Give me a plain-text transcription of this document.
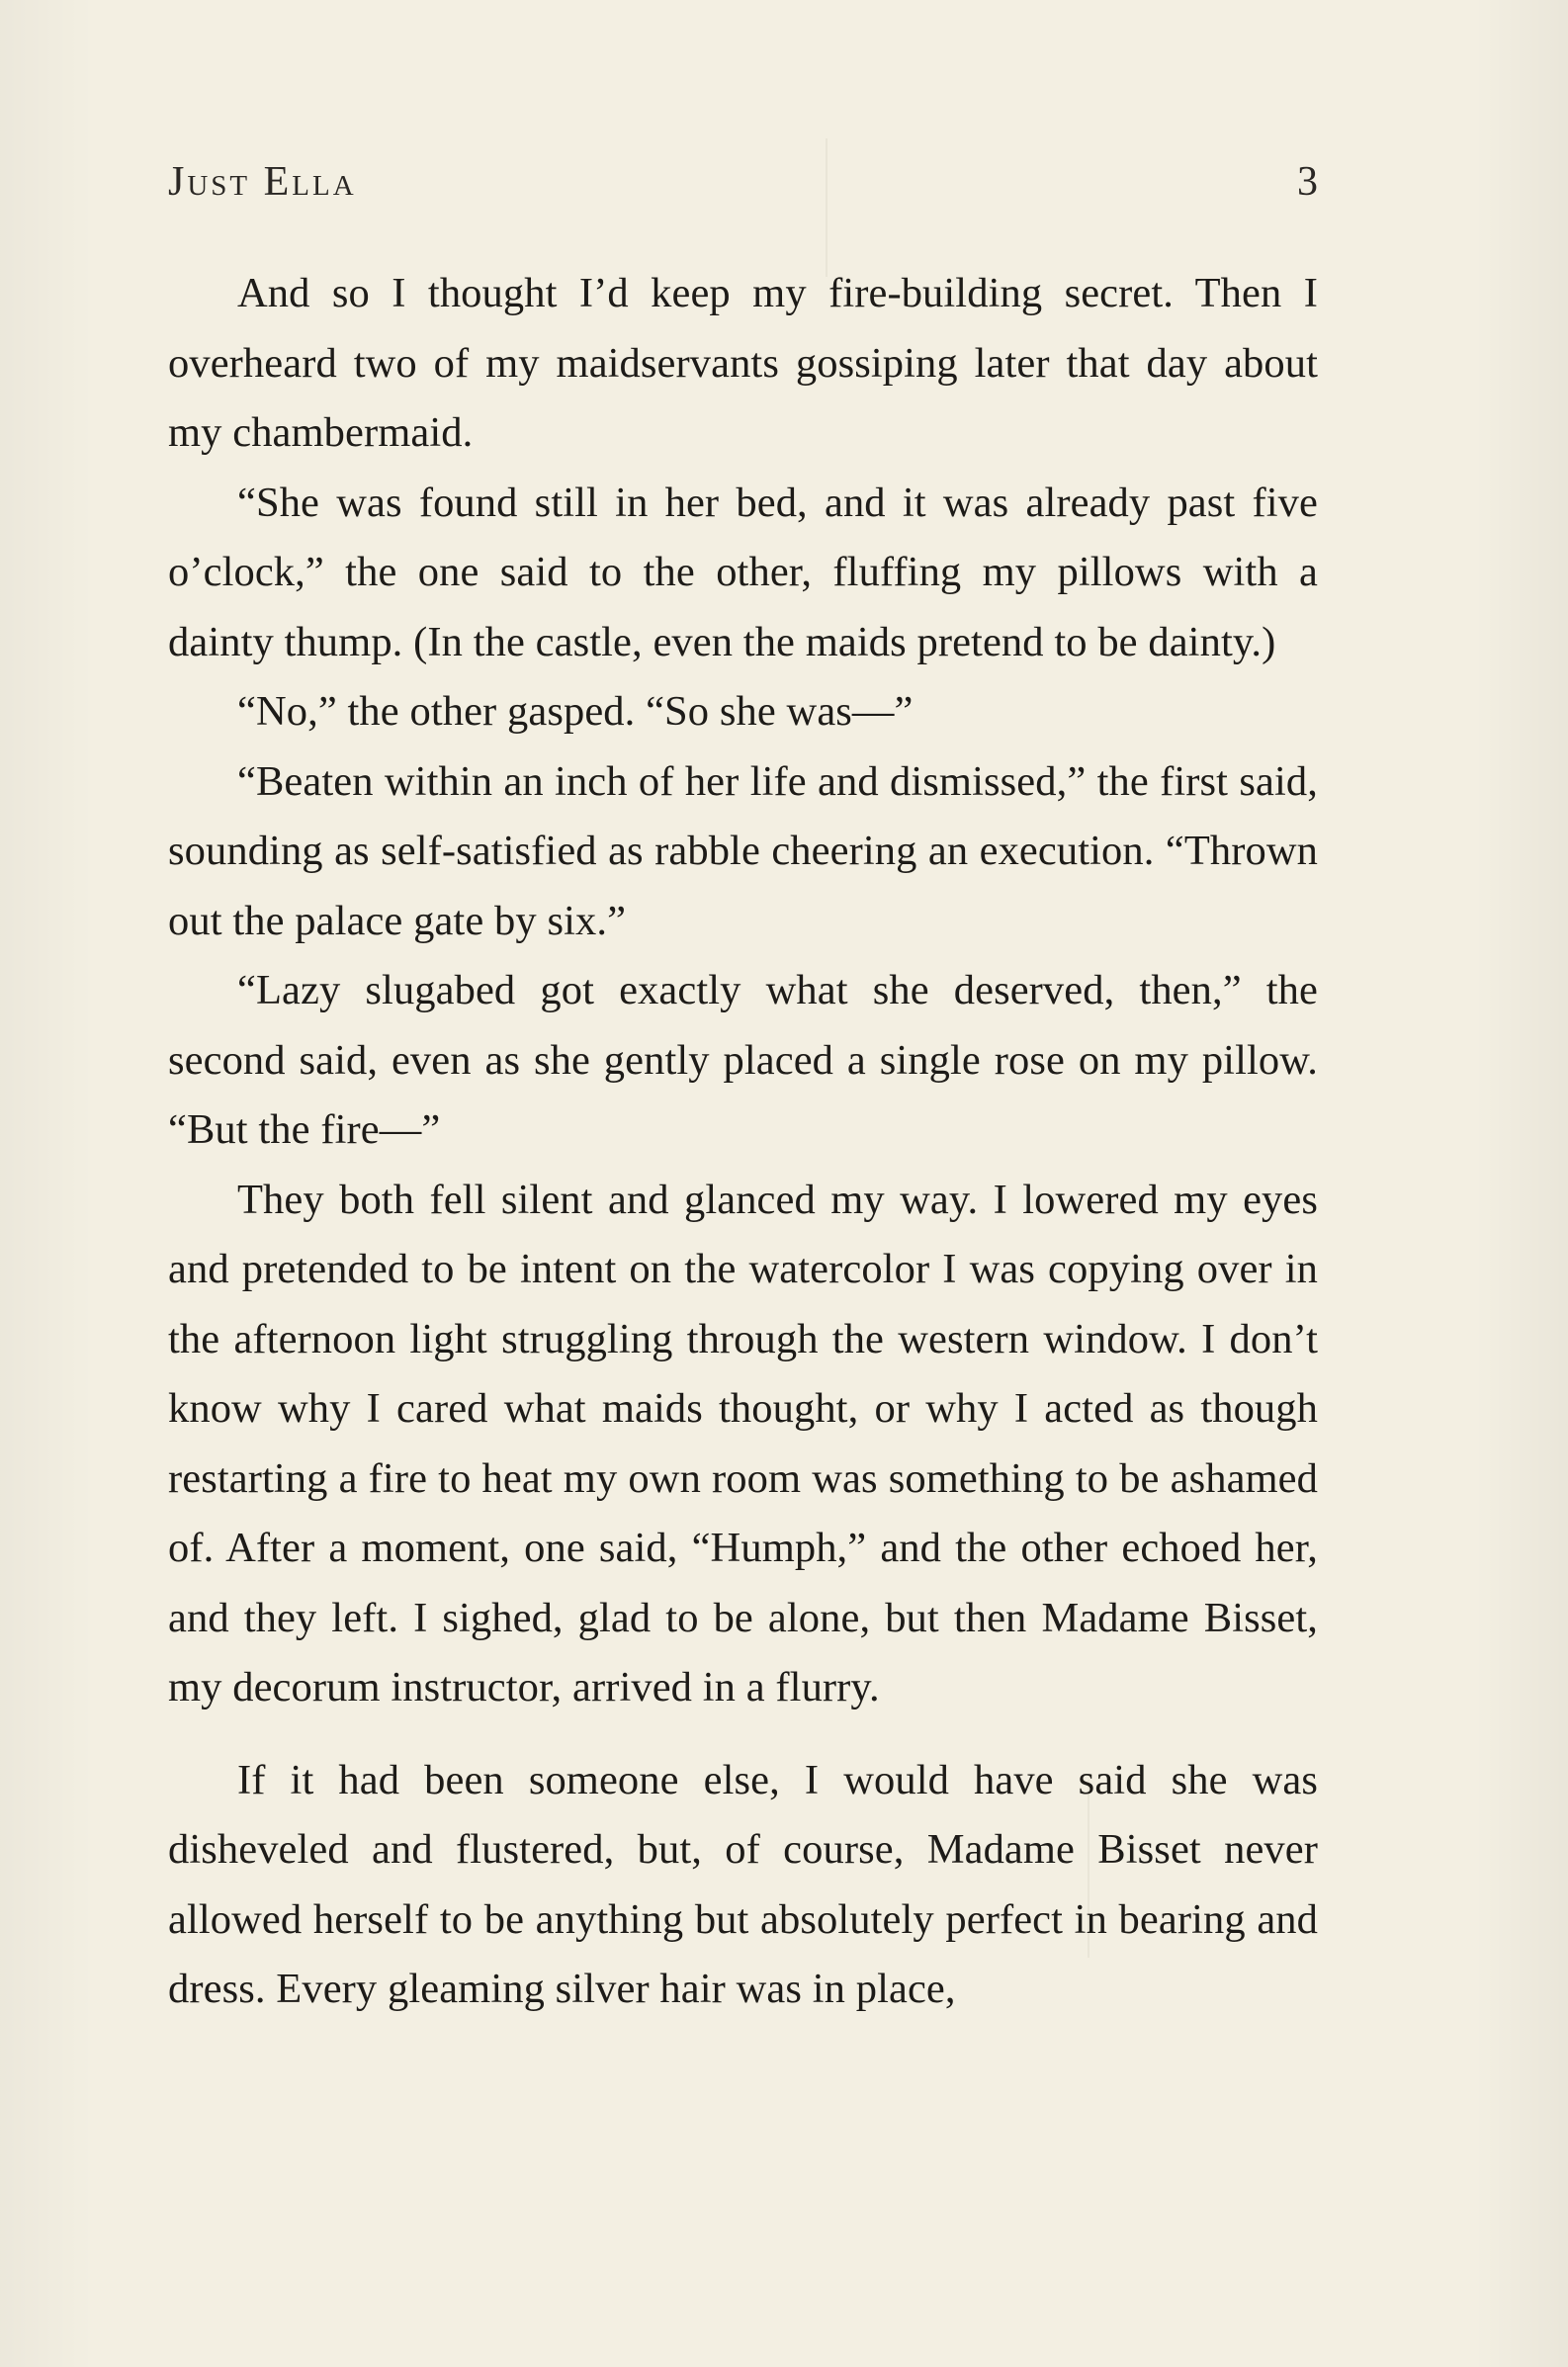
Just Ella	3

And so I thought I’d keep my fire-building secret. Then I overheard two of my maidservants gossiping later that day about my chambermaid.

“She was found still in her bed, and it was already past five o’clock,” the one said to the other, fluffing my pillows with a dainty thump. (In the castle, even the maids pretend to be dainty.)

“No,” the other gasped. “So she was—”

“Beaten within an inch of her life and dismissed,” the first said, sounding as self-satisfied as rabble cheering an execution. “Thrown out the palace gate by six.”

“Lazy slugabed got exactly what she deserved, then,” the second said, even as she gently placed a single rose on my pillow. “But the fire—”

They both fell silent and glanced my way. I lowered my eyes and pretended to be intent on the watercolor I was copying over in the afternoon light struggling through the western window. I don’t know why I cared what maids thought, or why I acted as though restarting a fire to heat my own room was something to be ashamed of. After a moment, one said, “Humph,” and the other echoed her, and they left. I sighed, glad to be alone, but then Madame Bisset, my decorum instructor, arrived in a flurry.

If it had been someone else, I would have said she was disheveled and flustered, but, of course, Madame Bisset never allowed herself to be anything but absolutely perfect in bearing and dress. Every gleaming silver hair was in place,
